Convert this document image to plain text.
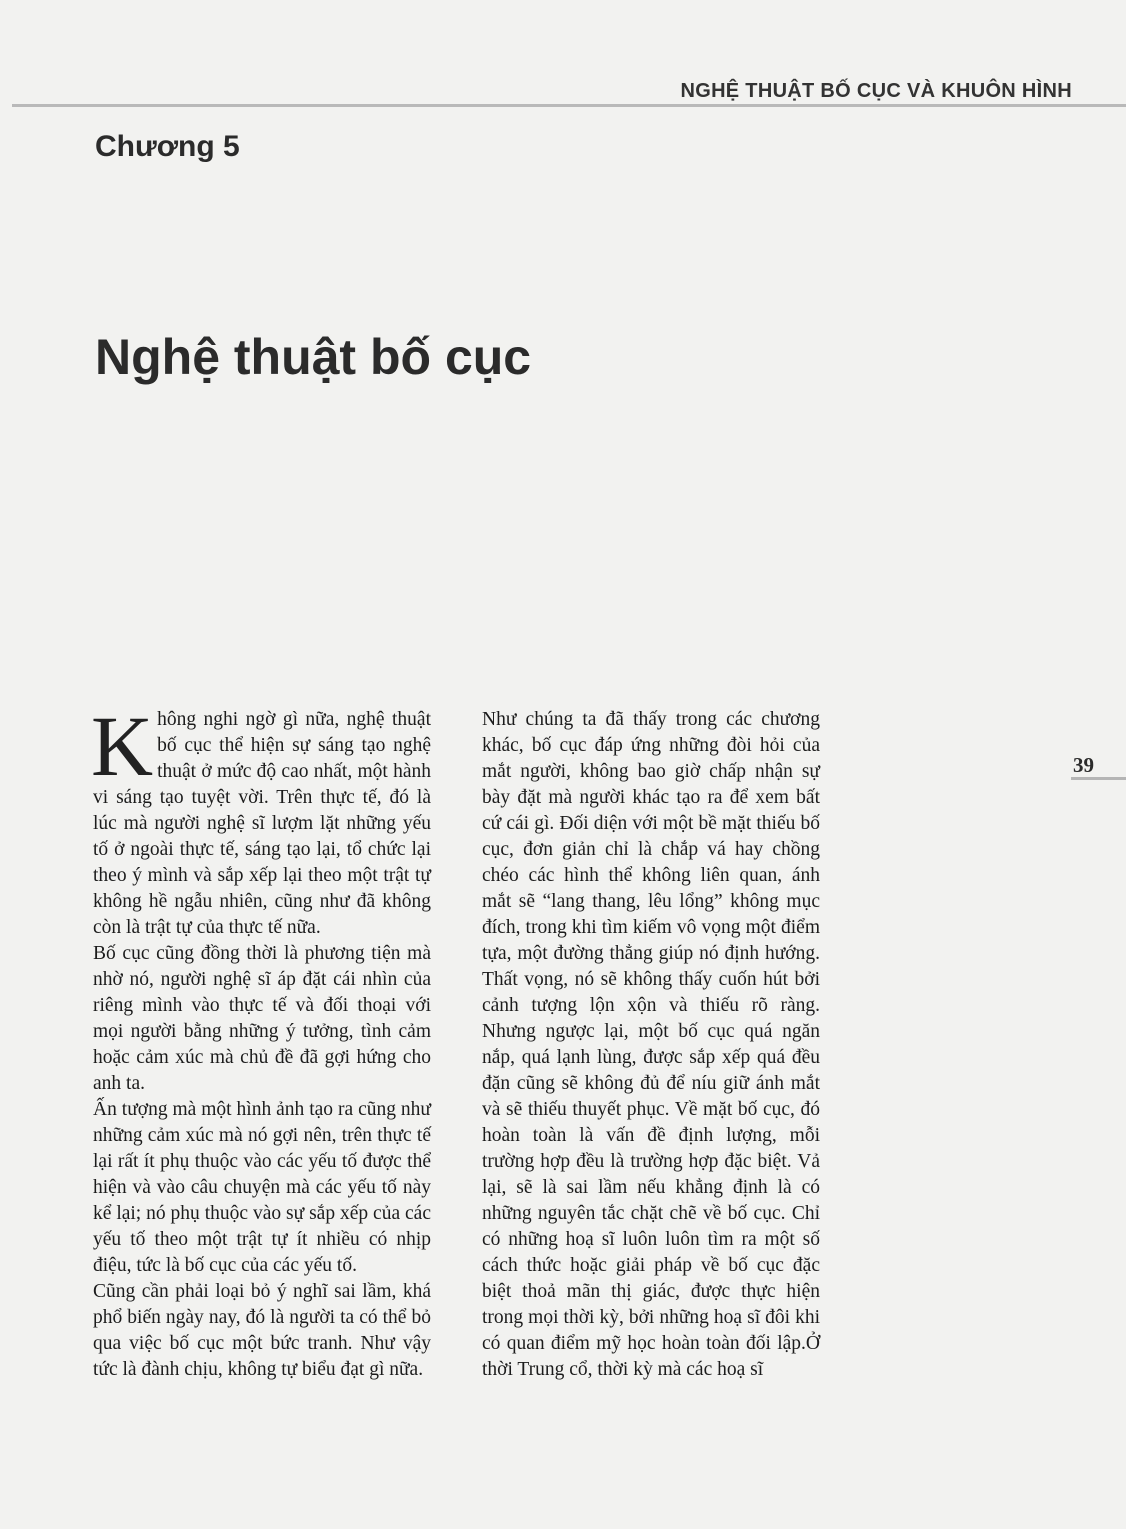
NGHỆ THUẬT BỐ CỤC VÀ KHUÔN HÌNH
Chương 5
Nghệ thuật bố cục
39

Không nghi ngờ gì nữa, nghệ thuật bố cục thể hiện sự sáng tạo nghệ thuật ở mức độ cao nhất, một hành vi sáng tạo tuyệt vời. Trên thực tế, đó là lúc mà người nghệ sĩ lượm lặt những yếu tố ở ngoài thực tế, sáng tạo lại, tổ chức lại theo ý mình và sắp xếp lại theo một trật tự không hề ngẫu nhiên, cũng như đã không còn là trật tự của thực tế nữa.

Bố cục cũng đồng thời là phương tiện mà nhờ nó, người nghệ sĩ áp đặt cái nhìn của riêng mình vào thực tế và đối thoại với mọi người bằng những ý tưởng, tình cảm hoặc cảm xúc mà chủ đề đã gợi hứng cho anh ta.

Ấn tượng mà một hình ảnh tạo ra cũng như những cảm xúc mà nó gợi nên, trên thực tế lại rất ít phụ thuộc vào các yếu tố được thể hiện và vào câu chuyện mà các yếu tố này kể lại; nó phụ thuộc vào sự sắp xếp của các yếu tố theo một trật tự ít nhiều có nhịp điệu, tức là bố cục của các yếu tố.

Cũng cần phải loại bỏ ý nghĩ sai lầm, khá phổ biến ngày nay, đó là người ta có thể bỏ qua việc bố cục một bức tranh. Như vậy tức là đành chịu, không tự biểu đạt gì nữa.

Như chúng ta đã thấy trong các chương khác, bố cục đáp ứng những đòi hỏi của mắt người, không bao giờ chấp nhận sự bày đặt mà người khác tạo ra để xem bất cứ cái gì. Đối diện với một bề mặt thiếu bố cục, đơn giản chỉ là chắp vá hay chồng chéo các hình thể không liên quan, ánh mắt sẽ “lang thang, lêu lổng” không mục đích, trong khi tìm kiếm vô vọng một điểm tựa, một đường thẳng giúp nó định hướng. Thất vọng, nó sẽ không thấy cuốn hút bởi cảnh tượng lộn xộn và thiếu rõ ràng. Nhưng ngược lại, một bố cục quá ngăn nắp, quá lạnh lùng, được sắp xếp quá đều đặn cũng sẽ không đủ để níu giữ ánh mắt và sẽ thiếu thuyết phục. Về mặt bố cục, đó hoàn toàn là vấn đề định lượng, mỗi trường hợp đều là trường hợp đặc biệt. Vả lại, sẽ là sai lầm nếu khẳng định là có những nguyên tắc chặt chẽ về bố cục. Chỉ có những hoạ sĩ luôn luôn tìm ra một số cách thức hoặc giải pháp về bố cục đặc biệt thoả mãn thị giác, được thực hiện trong mọi thời kỳ, bởi những hoạ sĩ đôi khi có quan điểm mỹ học hoàn toàn đối lập.Ở thời Trung cổ, thời kỳ mà các hoạ sĩ
